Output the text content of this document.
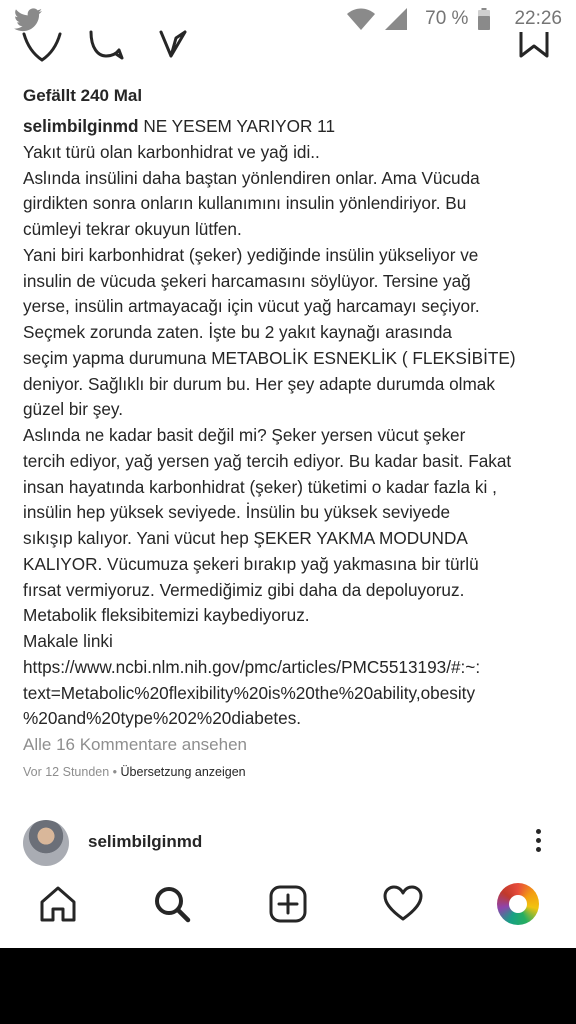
70 % 22:26
Gefällt 240 Mal
selimbilginmd NE YESEM YARIYOR 11
Yakıt türü olan karbonhidrat ve yağ idi..
Aslında insülini daha baştan yönlendiren onlar. Ama Vücuda
girdikten sonra onların kullanımını insulin yönlendiriyor. Bu
cümleyi tekrar okuyun lütfen.
Yani biri karbonhidrat (şeker) yediğinde insülin yükseliyor ve
insulin de vücuda şekeri harcamasını söylüyor. Tersine yağ
yerse, insülin artmayacağı için vücut yağ harcamayı seçiyor.
Seçmek zorunda zaten. İşte bu 2 yakıt kaynağı arasında
seçim yapma durumuna METABOLİK ESNEKLİK ( FLEKSİBİTE)
deniyor. Sağlıklı bir durum bu. Her şey adapte durumda olmak
güzel bir şey.
Aslında ne kadar basit değil mi? Şeker yersen vücut şeker
tercih ediyor, yağ yersen yağ tercih ediyor. Bu kadar basit. Fakat
insan hayatında karbonhidrat (şeker) tüketimi o kadar fazla ki ,
insülin hep yüksek seviyede. İnsülin bu yüksek seviyede
sıkışıp kalıyor. Yani vücut hep ŞEKER YAKMA MODUNDA
KALIYOR. Vücumuza şekeri bırakıp yağ yakmasına bir türlü
fırsat vermiyoruz. Vermediğimiz gibi daha da depoluyoruz.
Metabolik fleksibitemizi kaybediyoruz.
Makale linki
https://www.ncbi.nlm.nih.gov/pmc/articles/PMC5513193/#:~:
text=Metabolic%20flexibility%20is%20the%20ability,obesity
%20and%20type%202%20diabetes.
Alle 16 Kommentare ansehen
Vor 12 Stunden • Übersetzung anzeigen
selimbilginmd
